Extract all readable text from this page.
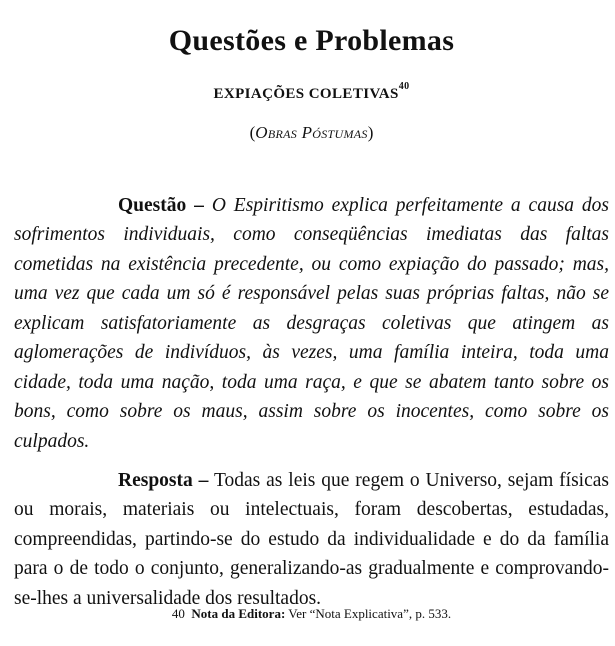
Questões e Problemas
EXPIAÇÕES COLETIVAS$^{40}$
(Obras Póstumas)

Questão – O Espiritismo explica perfeitamente a causa dos sofrimentos individuais, como conseqüências imediatas das faltas cometidas na existência precedente, ou como expiação do passado; mas, uma vez que cada um só é responsável pelas suas próprias faltas, não se explicam satisfatoriamente as desgraças coletivas que atingem as aglomerações de indivíduos, às vezes, uma família inteira, toda uma cidade, toda uma nação, toda uma raça, e que se abatem tanto sobre os bons, como sobre os maus, assim sobre os inocentes, como sobre os culpados.

Resposta – Todas as leis que regem o Universo, sejam físicas ou morais, materiais ou intelectuais, foram descobertas, estudadas, compreendidas, partindo-se do estudo da individualidade e do da família para o de todo o conjunto, generalizando-as gradualmente e comprovando-se-lhes a universalidade dos resultados.

40 Nota da Editora: Ver “Nota Explicativa”, p. 533.
